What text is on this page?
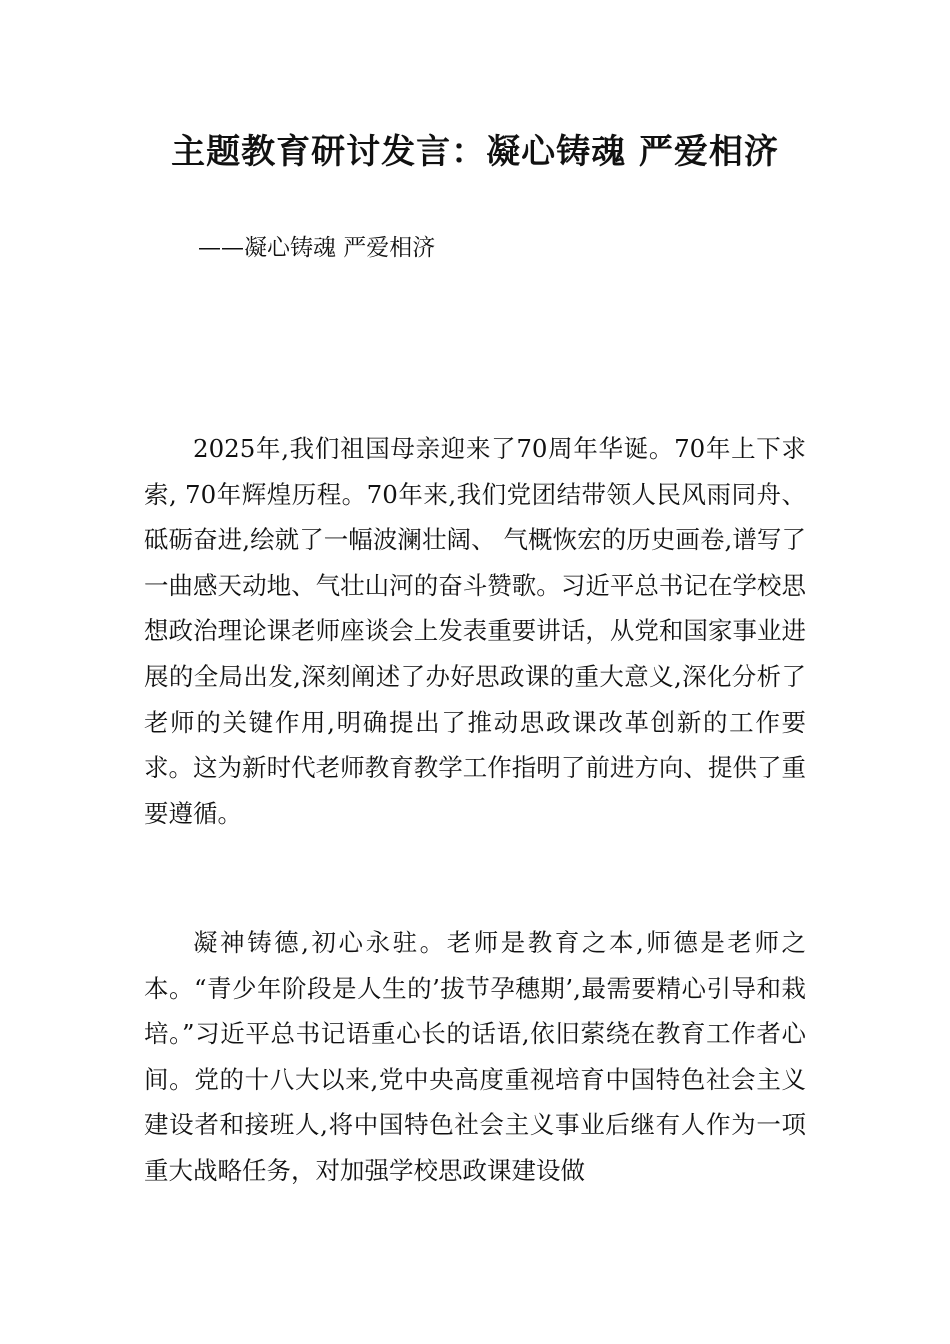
主题教育研讨发言：凝心铸魂 严爱相济

——凝心铸魂 严爱相济

2025年,我们祖国母亲迎来了70周年华诞。70年上下求索, 70年辉煌历程。70年来,我们党团结带领人民风雨同舟、砥砺奋进,绘就了一幅波澜壮阔、 气概恢宏的历史画卷,谱写了一曲感天动地、气壮山河的奋斗赞歌。习近平总书记在学校思想政治理论课老师座谈会上发表重要讲话，从党和国家事业进展的全局出发,深刻阐述了办好思政课的重大意义,深化分析了老师的关键作用,明确提出了推动思政课改革创新的工作要求。这为新时代老师教育教学工作指明了前进方向、提供了重要遵循。

凝神铸德,初心永驻。老师是教育之本,师德是老师之本。“青少年阶段是人生的’拔节孕穗期’,最需要精心引导和栽培。”习近平总书记语重心长的话语,依旧萦绕在教育工作者心间。党的十八大以来,党中央高度重视培育中国特色社会主义建设者和接班人,将中国特色社会主义事业后继有人作为一项重大战略任务，对加强学校思政课建设做
